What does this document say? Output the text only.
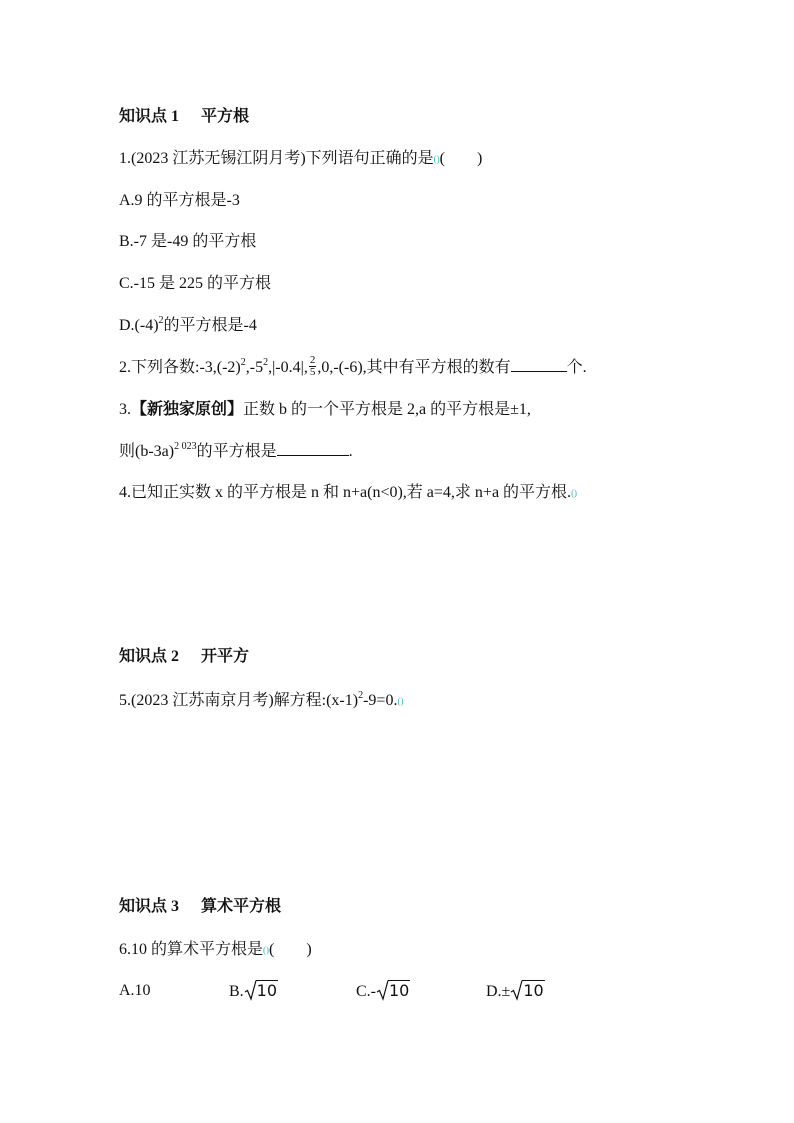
知识点 1 平方根
1.(2023 江苏无锡江阴月考)下列语句正确的是()(　　)
A.9 的平方根是-3
B.-7 是-49 的平方根
C.-15 是 225 的平方根
$D.(-4)^2$的平方根是-4
2.下列各数$:-3,(-2)^2,-5^2,|-0.4|$, $\frac{2}{5} ,0,-(-6)$,其中有平方根的数有	个.
3.【新独家原创】正数 b 的一个平方根是 2,a 的平方根是±1,
则$(b-3a)^{2 023}$的平方根是	.
4.已知正实数 x 的平方根是 n 和 n+a(n<0),若 a=4,求 n+a 的平方根.()
知识点 2 开平方
5.(2023 江苏南京月考)解方程$:(x-1)^2-9=0.()$
知识点 3 算术平方根
6.10 的算术平方根是()(　　)
A.10	B. 10	C.- 10	D.± 10
